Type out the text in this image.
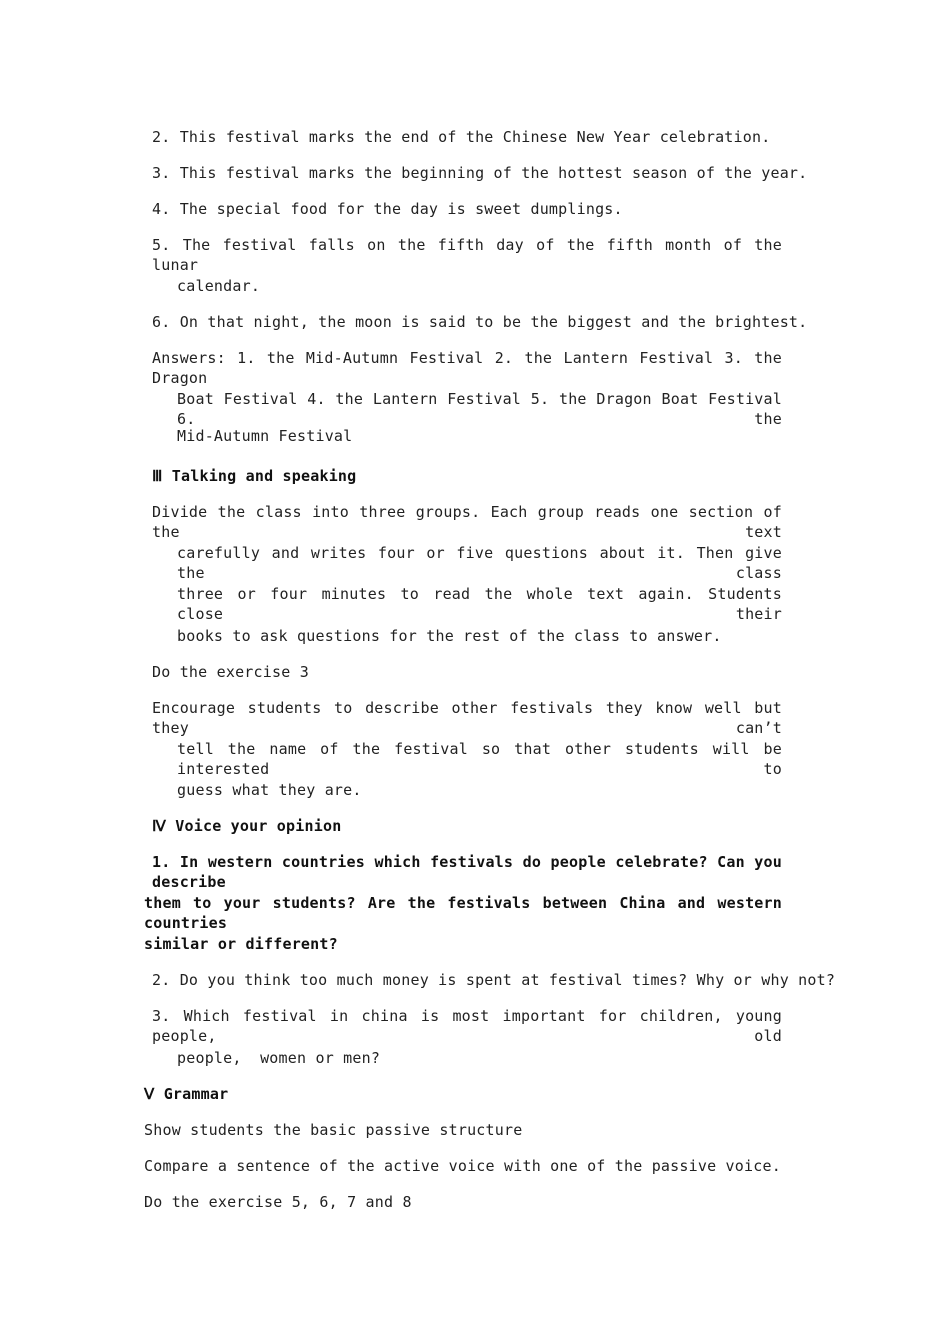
2. This festival marks the end of the Chinese New Year celebration.
3. This festival marks the beginning of the hottest season of the year.
4. The special food for the day is sweet dumplings.
5. The festival falls on the fifth day of the fifth month of the lunar
calendar.
6. On that night, the moon is said to be the biggest and the brightest.
Answers: 1. the Mid-Autumn Festival 2. the Lantern Festival 3. the Dragon
Boat Festival 4. the Lantern Festival 5. the Dragon Boat Festival 6. the
Mid-Autumn Festival
Ⅲ Talking and speaking
Divide the class into three groups. Each group reads one section of the text
carefully and writes four or five questions about it. Then give the class
three or four minutes to read the whole text again. Students close their
books to ask questions for the rest of the class to answer.
Do the exercise 3
Encourage students to describe other festivals they know well but they can’t
tell the name of the festival so that other students will be interested to
guess what they are.
Ⅳ Voice your opinion
1. In western countries which festivals do people celebrate? Can you describe
them to your students? Are the festivals between China and western countries
similar or different?
2. Do you think too much money is spent at festival times? Why or why not?
3. Which festival in china is most important for children, young people, old
people,  women or men?
Ⅴ Grammar
Show students the basic passive structure
Compare a sentence of the active voice with one of the passive voice.
Do the exercise 5, 6, 7 and 8
